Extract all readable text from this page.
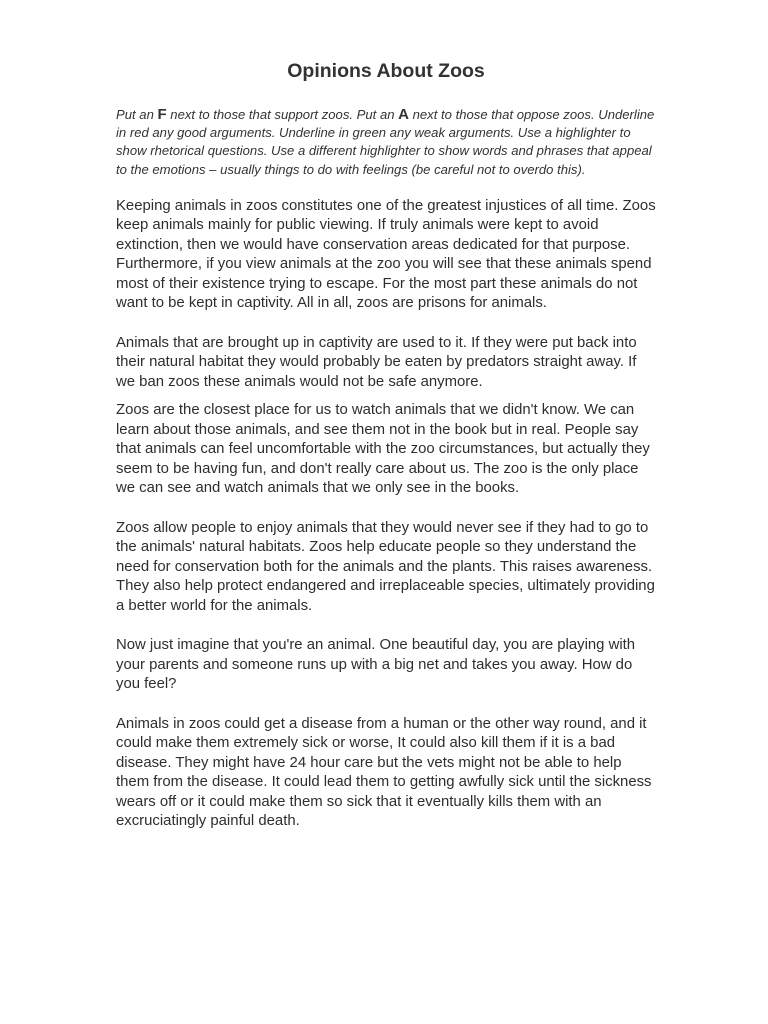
Opinions About Zoos

Put an F next to those that support zoos. Put an A next to those that oppose zoos. Underline in red any good arguments. Underline in green any weak arguments. Use a highlighter to show rhetorical questions. Use a different highlighter to show words and phrases that appeal to the emotions – usually things to do with feelings (be careful not to overdo this).

Keeping animals in zoos constitutes one of the greatest injustices of all time. Zoos keep animals mainly for public viewing. If truly animals were kept to avoid extinction, then we would have conservation areas dedicated for that purpose. Furthermore, if you view animals at the zoo you will see that these animals spend most of their existence trying to escape. For the most part these animals do not want to be kept in captivity. All in all, zoos are prisons for animals.

Animals that are brought up in captivity are used to it. If they were put back into their natural habitat they would probably be eaten by predators straight away. If we ban zoos these animals would not be safe anymore.

Zoos are the closest place for us to watch animals that we didn't know. We can learn about those animals, and see them not in the book but in real. People say that animals can feel uncomfortable with the zoo circumstances, but actually they seem to be having fun, and don't really care about us. The zoo is the only place we can see and watch animals that we only see in the books.

Zoos allow people to enjoy animals that they would never see if they had to go to the animals' natural habitats. Zoos help educate people so they understand the need for conservation both for the animals and the plants. This raises awareness. They also help protect endangered and irreplaceable species, ultimately providing a better world for the animals.

Now just imagine that you're an animal. One beautiful day, you are playing with your parents and someone runs up with a big net and takes you away. How do you feel?

Animals in zoos could get a disease from a human or the other way round, and it could make them extremely sick or worse, It could also kill them if it is a bad disease. They might have 24 hour care but the vets might not be able to help them from the disease. It could lead them to getting awfully sick until the sickness wears off or it could make them so sick that it eventually kills them with an excruciatingly painful death.
